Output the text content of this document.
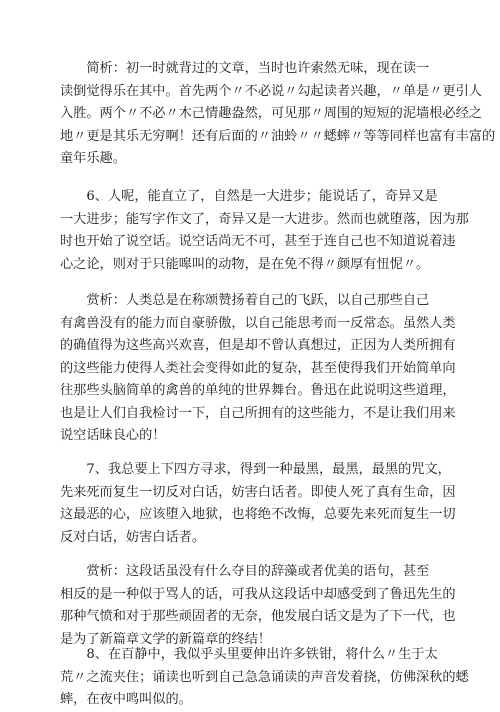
　　简析：初一时就背过的文章，当时也许索然无味，现在读一
读倒觉得乐在其中。首先两个〃不必说〃勾起读者兴趣，〃单是〃更引人
入胜。两个〃不必〃木己情趣盎然，可见那〃周围的短短的泥墙根必经之
地〃更是其乐无穷啊！还有后面的〃油蛉〃〃蟋蟀〃等等同样也富有丰富的
童年乐趣。
　　6、人呢，能直立了，自然是一大进步；能说话了，奇异又是
一大进步；能写字作文了，奇异又是一大进步。然而也就堕落，因为那
时也开始了说空话。说空话尚无不可，甚至于连自己也不知道说着违
心之论，则对于只能嗥叫的动物，是在免不得〃颜厚有忸怩〃。
　　赏析：人类总是在称颂赞扬着自己的飞跃，以自己那些自己
有禽兽没有的能力而自豪骄傲，以自己能思考而一反常态。虽然人类
的确值得为这些高兴欢喜，但是却不曾认真想过，正因为人类所拥有
的这些能力使得人类社会变得如此的复杂，甚至使得我们开始简单向
往那些头脑简单的禽兽的单纯的世界舞台。鲁迅在此说明这些道理，
也是让人们自我检讨一下，自己所拥有的这些能力，不是让我们用来
说空话昧良心的！
　　7、我总要上下四方寻求，得到一种最黑，最黑，最黑的咒文，
先来死而复生一切反对白话，妨害白话者。即使人死了真有生命，因
这最恶的心，应该堕入地狱，也将绝不改悔，总要先来死而复生一切
反对白话，妨害白话者。
　　赏析：这段话虽没有什么夺目的辞藻或者优美的语句，甚至
相反的是一种似于骂人的话，可我从这段话中却感受到了鲁迅先生的
那种气愤和对于那些顽固者的无奈，他发展白话文是为了下一代，也
是为了新篇章文学的新篇章的终结！
　　8、在百静中，我似乎头里要伸出许多铁钳，将什么〃生于太
荒〃之流夹住；诵读也听到自己急急诵读的声音发着挠，仿佛深秋的蟋
蟀，在夜中鸣叫似的。
